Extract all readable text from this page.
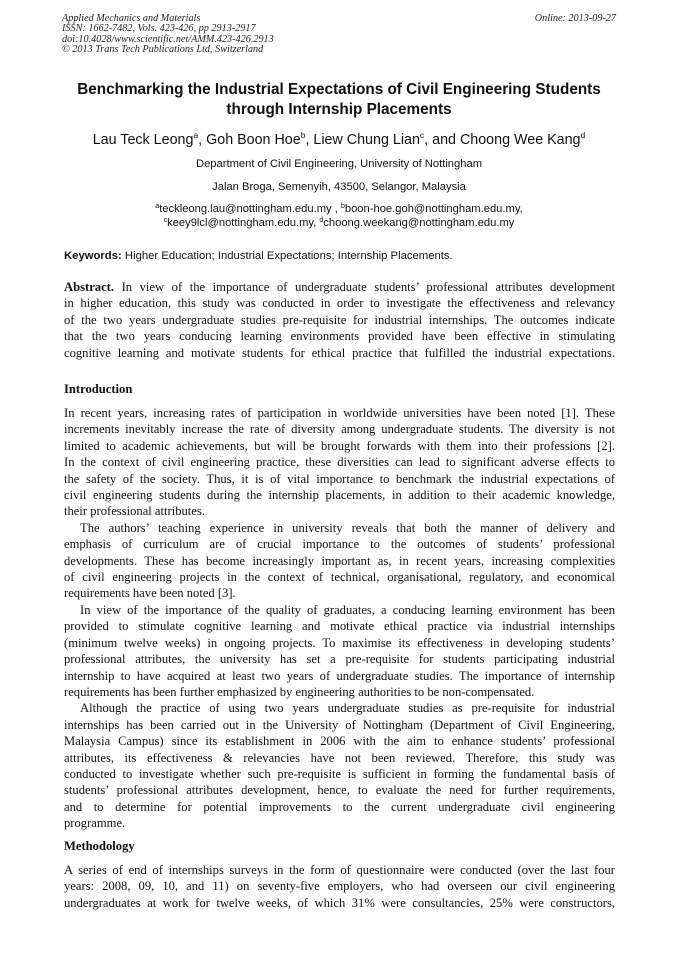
Applied Mechanics and Materials
ISSN: 1662-7482, Vols. 423-426, pp 2913-2917
doi:10.4028/www.scientific.net/AMM.423-426.2913
© 2013 Trans Tech Publications Ltd, Switzerland
Online: 2013-09-27
Benchmarking the Industrial Expectations of Civil Engineering Students
through Internship Placements
Lau Teck Leong$^a$, Goh Boon Hoe$^b$, Liew Chung Lian$^c$, and Choong Wee Kang$^d$
Department of Civil Engineering, University of Nottingham
Jalan Broga, Semenyih, 43500, Selangor, Malaysia
$^a$teckleong.lau@nottingham.edu.my , $^b$boon-hoe.goh@nottingham.edu.my,
$^c$keey9lcl@nottingham.edu.my, $^d$choong.weekang@nottingham.edu.my
Keywords: Higher Education; Industrial Expectations; Internship Placements.
Abstract. In view of the importance of undergraduate students’ professional attributes development
in higher education, this study was conducted in order to investigate the effectiveness and relevancy
of the two years undergraduate studies pre-requisite for industrial internships. The outcomes indicate
that the two years conducing learning environments provided have been effective in stimulating
cognitive learning and motivate students for ethical practice that fulfilled the industrial expectations.
Introduction
In recent years, increasing rates of participation in worldwide universities have been noted [1]. These
increments inevitably increase the rate of diversity among undergraduate students. The diversity is not
limited to academic achievements, but will be brought forwards with them into their professions [2].
In the context of civil engineering practice, these diversities can lead to significant adverse effects to
the safety of the society. Thus, it is of vital importance to benchmark the industrial expectations of
civil engineering students during the internship placements, in addition to their academic knowledge,
their professional attributes.
The authors’ teaching experience in university reveals that both the manner of delivery and
emphasis of curriculum are of crucial importance to the outcomes of students’ professional
developments. These has become increasingly important as, in recent years, increasing complexities
of civil engineering projects in the context of technical, organisational, regulatory, and economical
requirements have been noted [3].
In view of the importance of the quality of graduates, a conducing learning environment has been
provided to stimulate cognitive learning and motivate ethical practice via industrial internships
(minimum twelve weeks) in ongoing projects. To maximise its effectiveness in developing students’
professional attributes, the university has set a pre-requisite for students participating industrial
internship to have acquired at least two years of undergraduate studies. The importance of internship
requirements has been further emphasized by engineering authorities to be non-compensated.
Although the practice of using two years undergraduate studies as pre-requisite for industrial
internships has been carried out in the University of Nottingham (Department of Civil Engineering,
Malaysia Campus) since its establishment in 2006 with the aim to enhance students’ professional
attributes, its effectiveness & relevancies have not been reviewed. Therefore, this study was
conducted to investigate whether such pre-requisite is sufficient in forming the fundamental basis of
students’ professional attributes development, hence, to evaluate the need for further requirements,
and to determine for potential improvements to the current undergraduate civil engineering
programme.
Methodology
A series of end of internships surveys in the form of questionnaire were conducted (over the last four
years: 2008, 09, 10, and 11) on seventy-five employers, who had overseen our civil engineering
undergraduates at work for twelve weeks, of which 31% were consultancies, 25% were constructors,
